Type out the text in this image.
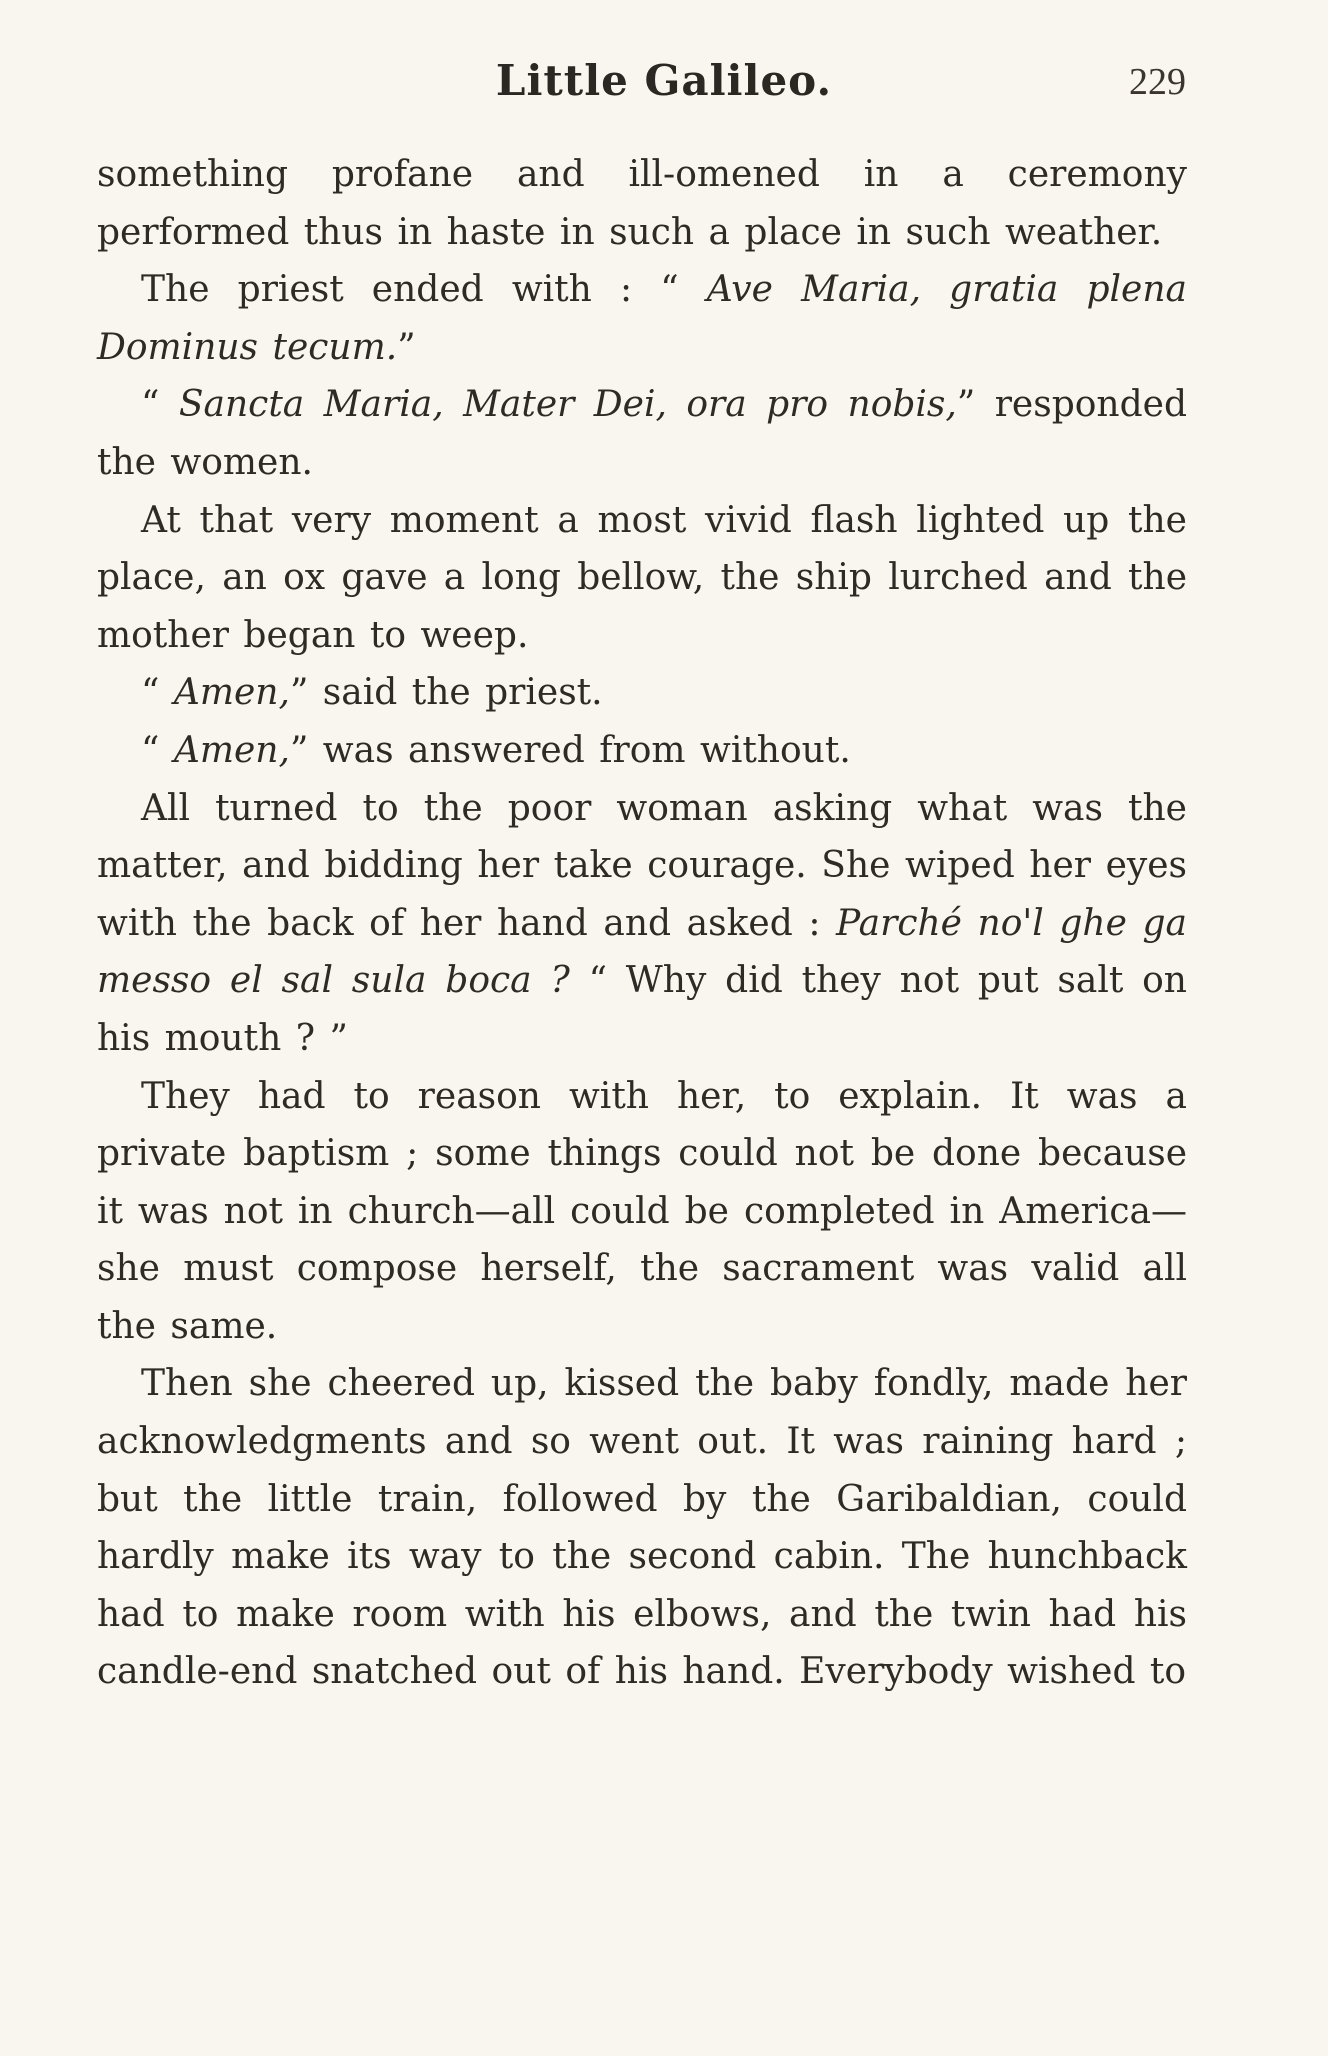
Little Galileo.	229

something profane and ill-omened in a ceremony performed thus in haste in such a place in such weather.

The priest ended with : “ Ave Maria, gratia plena Dominus tecum.”

“ Sancta Maria, Mater Dei, ora pro nobis,” responded the women.

At that very moment a most vivid flash lighted up the place, an ox gave a long bellow, the ship lurched and the mother began to weep.

“ Amen,” said the priest.

“ Amen,” was answered from without.

All turned to the poor woman asking what was the matter, and bidding her take courage. She wiped her eyes with the back of her hand and asked : Parché no'l ghe ga messo el sal sula boca ? “ Why did they not put salt on his mouth ? ”

They had to reason with her, to explain. It was a private baptism ; some things could not be done because it was not in church—all could be completed in America—she must compose herself, the sacrament was valid all the same.

Then she cheered up, kissed the baby fondly, made her acknowledgments and so went out. It was raining hard ; but the little train, followed by the Garibaldian, could hardly make its way to the second cabin. The hunchback had to make room with his elbows, and the twin had his candle-end snatched out of his hand. Everybody wished to
